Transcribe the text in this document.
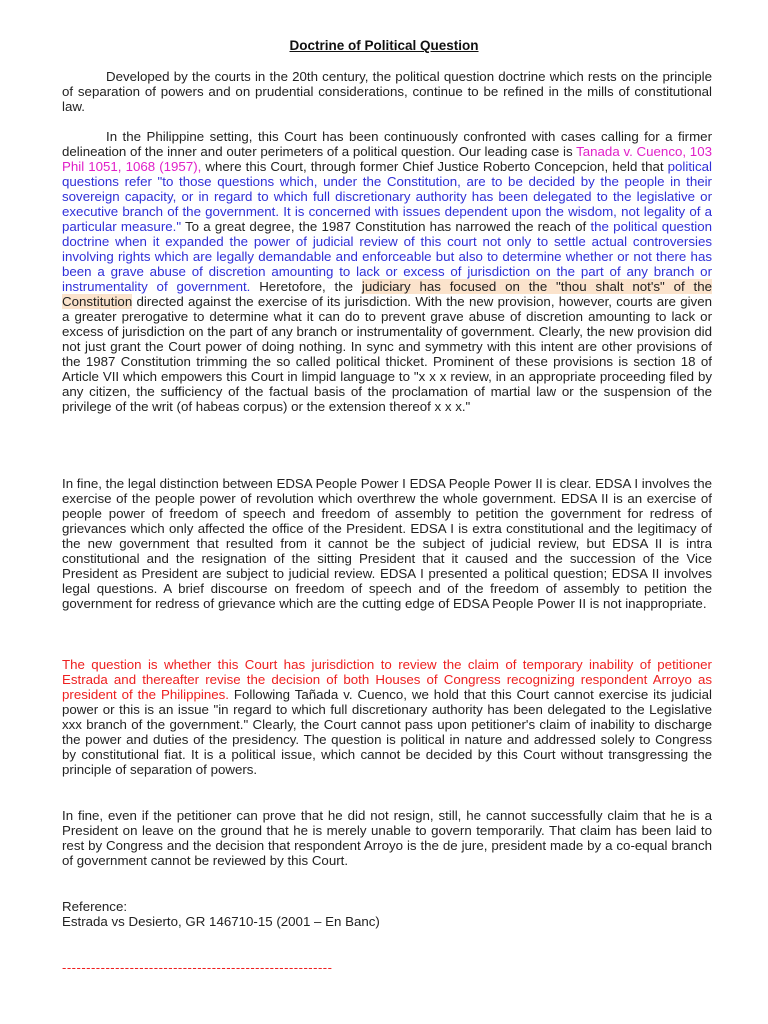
Doctrine of Political Question

Developed by the courts in the 20th century, the political question doctrine which rests on the principle of separation of powers and on prudential considerations, continue to be refined in the mills of constitutional law.

In the Philippine setting, this Court has been continuously confronted with cases calling for a firmer delineation of the inner and outer perimeters of a political question. Our leading case is Tanada v. Cuenco, 103 Phil 1051, 1068 (1957), where this Court, through former Chief Justice Roberto Concepcion, held that political questions refer "to those questions which, under the Constitution, are to be decided by the people in their sovereign capacity, or in regard to which full discretionary authority has been delegated to the legislative or executive branch of the government. It is concerned with issues dependent upon the wisdom, not legality of a particular measure." To a great degree, the 1987 Constitution has narrowed the reach of the political question doctrine when it expanded the power of judicial review of this court not only to settle actual controversies involving rights which are legally demandable and enforceable but also to determine whether or not there has been a grave abuse of discretion amounting to lack or excess of jurisdiction on the part of any branch or instrumentality of government. Heretofore, the judiciary has focused on the "thou shalt not's" of the Constitution directed against the exercise of its jurisdiction. With the new provision, however, courts are given a greater prerogative to determine what it can do to prevent grave abuse of discretion amounting to lack or excess of jurisdiction on the part of any branch or instrumentality of government. Clearly, the new provision did not just grant the Court power of doing nothing. In sync and symmetry with this intent are other provisions of the 1987 Constitution trimming the so called political thicket. Prominent of these provisions is section 18 of Article VII which empowers this Court in limpid language to "x x x review, in an appropriate proceeding filed by any citizen, the sufficiency of the factual basis of the proclamation of martial law or the suspension of the privilege of the writ (of habeas corpus) or the extension thereof x x x."

In fine, the legal distinction between EDSA People Power I EDSA People Power II is clear. EDSA I involves the exercise of the people power of revolution which overthrew the whole government. EDSA II is an exercise of people power of freedom of speech and freedom of assembly to petition the government for redress of grievances which only affected the office of the President. EDSA I is extra constitutional and the legitimacy of the new government that resulted from it cannot be the subject of judicial review, but EDSA II is intra constitutional and the resignation of the sitting President that it caused and the succession of the Vice President as President are subject to judicial review. EDSA I presented a political question; EDSA II involves legal questions. A brief discourse on freedom of speech and of the freedom of assembly to petition the government for redress of grievance which are the cutting edge of EDSA People Power II is not inappropriate.

The question is whether this Court has jurisdiction to review the claim of temporary inability of petitioner Estrada and thereafter revise the decision of both Houses of Congress recognizing respondent Arroyo as president of the Philippines. Following Tañada v. Cuenco, we hold that this Court cannot exercise its judicial power or this is an issue "in regard to which full discretionary authority has been delegated to the Legislative xxx branch of the government." Clearly, the Court cannot pass upon petitioner's claim of inability to discharge the power and duties of the presidency. The question is political in nature and addressed solely to Congress by constitutional fiat. It is a political issue, which cannot be decided by this Court without transgressing the principle of separation of powers.

In fine, even if the petitioner can prove that he did not resign, still, he cannot successfully claim that he is a President on leave on the ground that he is merely unable to govern temporarily. That claim has been laid to rest by Congress and the decision that respondent Arroyo is the de jure, president made by a co-equal branch of government cannot be reviewed by this Court.

Reference:

Estrada vs Desierto, GR 146710-15 (2001 – En Banc)

--------------------------------------------------------
